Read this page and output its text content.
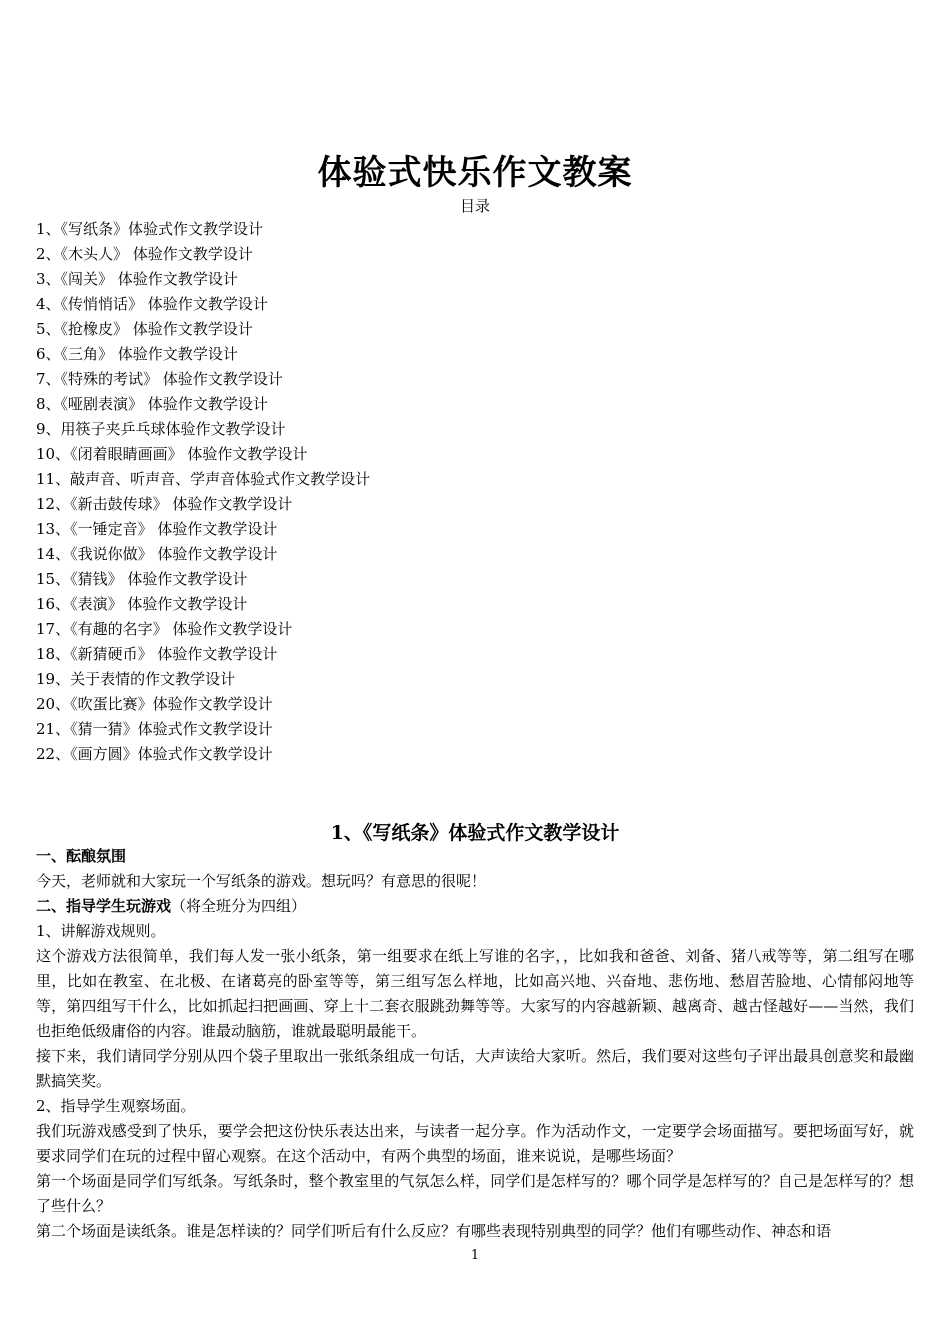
体验式快乐作文教案
目录
1、《写纸条》体验式作文教学设计
2、《木头人》 体验作文教学设计
3、《闯关》 体验作文教学设计
4、《传悄悄话》 体验作文教学设计
5、《抢橡皮》 体验作文教学设计
6、《三角》 体验作文教学设计
7、《特殊的考试》 体验作文教学设计
8、《哑剧表演》 体验作文教学设计
9、用筷子夹乒乓球体验作文教学设计
10、《闭着眼睛画画》 体验作文教学设计
11、敲声音、听声音、学声音体验式作文教学设计
12、《新击鼓传球》 体验作文教学设计
13、《一锤定音》 体验作文教学设计
14、《我说你做》 体验作文教学设计
15、《猜钱》 体验作文教学设计
16、《表演》 体验作文教学设计
17、《有趣的名字》 体验作文教学设计
18、《新猜硬币》 体验作文教学设计
19、关于表情的作文教学设计
20、《吹蛋比赛》体验作文教学设计
21、《猜一猜》体验式作文教学设计
22、《画方圆》体验式作文教学设计
1、《写纸条》体验式作文教学设计
一、酝酿氛围
今天，老师就和大家玩一个写纸条的游戏。想玩吗？有意思的很呢！
二、指导学生玩游戏（将全班分为四组）
1、讲解游戏规则。
这个游戏方法很简单，我们每人发一张小纸条，第一组要求在纸上写谁的名字，，比如我和爸爸、刘备、猪八戒等等，第二组写在哪里，比如在教室、在北极、在诸葛亮的卧室等等，第三组写怎么样地，比如高兴地、兴奋地、悲伤地、愁眉苦脸地、心情郁闷地等等，第四组写干什么，比如抓起扫把画画、穿上十二套衣服跳劲舞等等。大家写的内容越新颖、越离奇、越古怪越好——当然，我们也拒绝低级庸俗的内容。谁最动脑筋，谁就最聪明最能干。
接下来，我们请同学分别从四个袋子里取出一张纸条组成一句话，大声读给大家听。然后，我们要对这些句子评出最具创意奖和最幽默搞笑奖。
2、指导学生观察场面。
我们玩游戏感受到了快乐，要学会把这份快乐表达出来，与读者一起分享。作为活动作文，一定要学会场面描写。要把场面写好，就要求同学们在玩的过程中留心观察。在这个活动中，有两个典型的场面，谁来说说，是哪些场面？
第一个场面是同学们写纸条。写纸条时，整个教室里的气氛怎么样，同学们是怎样写的？哪个同学是怎样写的？自己是怎样写的？想了些什么？
第二个场面是读纸条。谁是怎样读的？同学们听后有什么反应？有哪些表现特别典型的同学？他们有哪些动作、神态和语
1
